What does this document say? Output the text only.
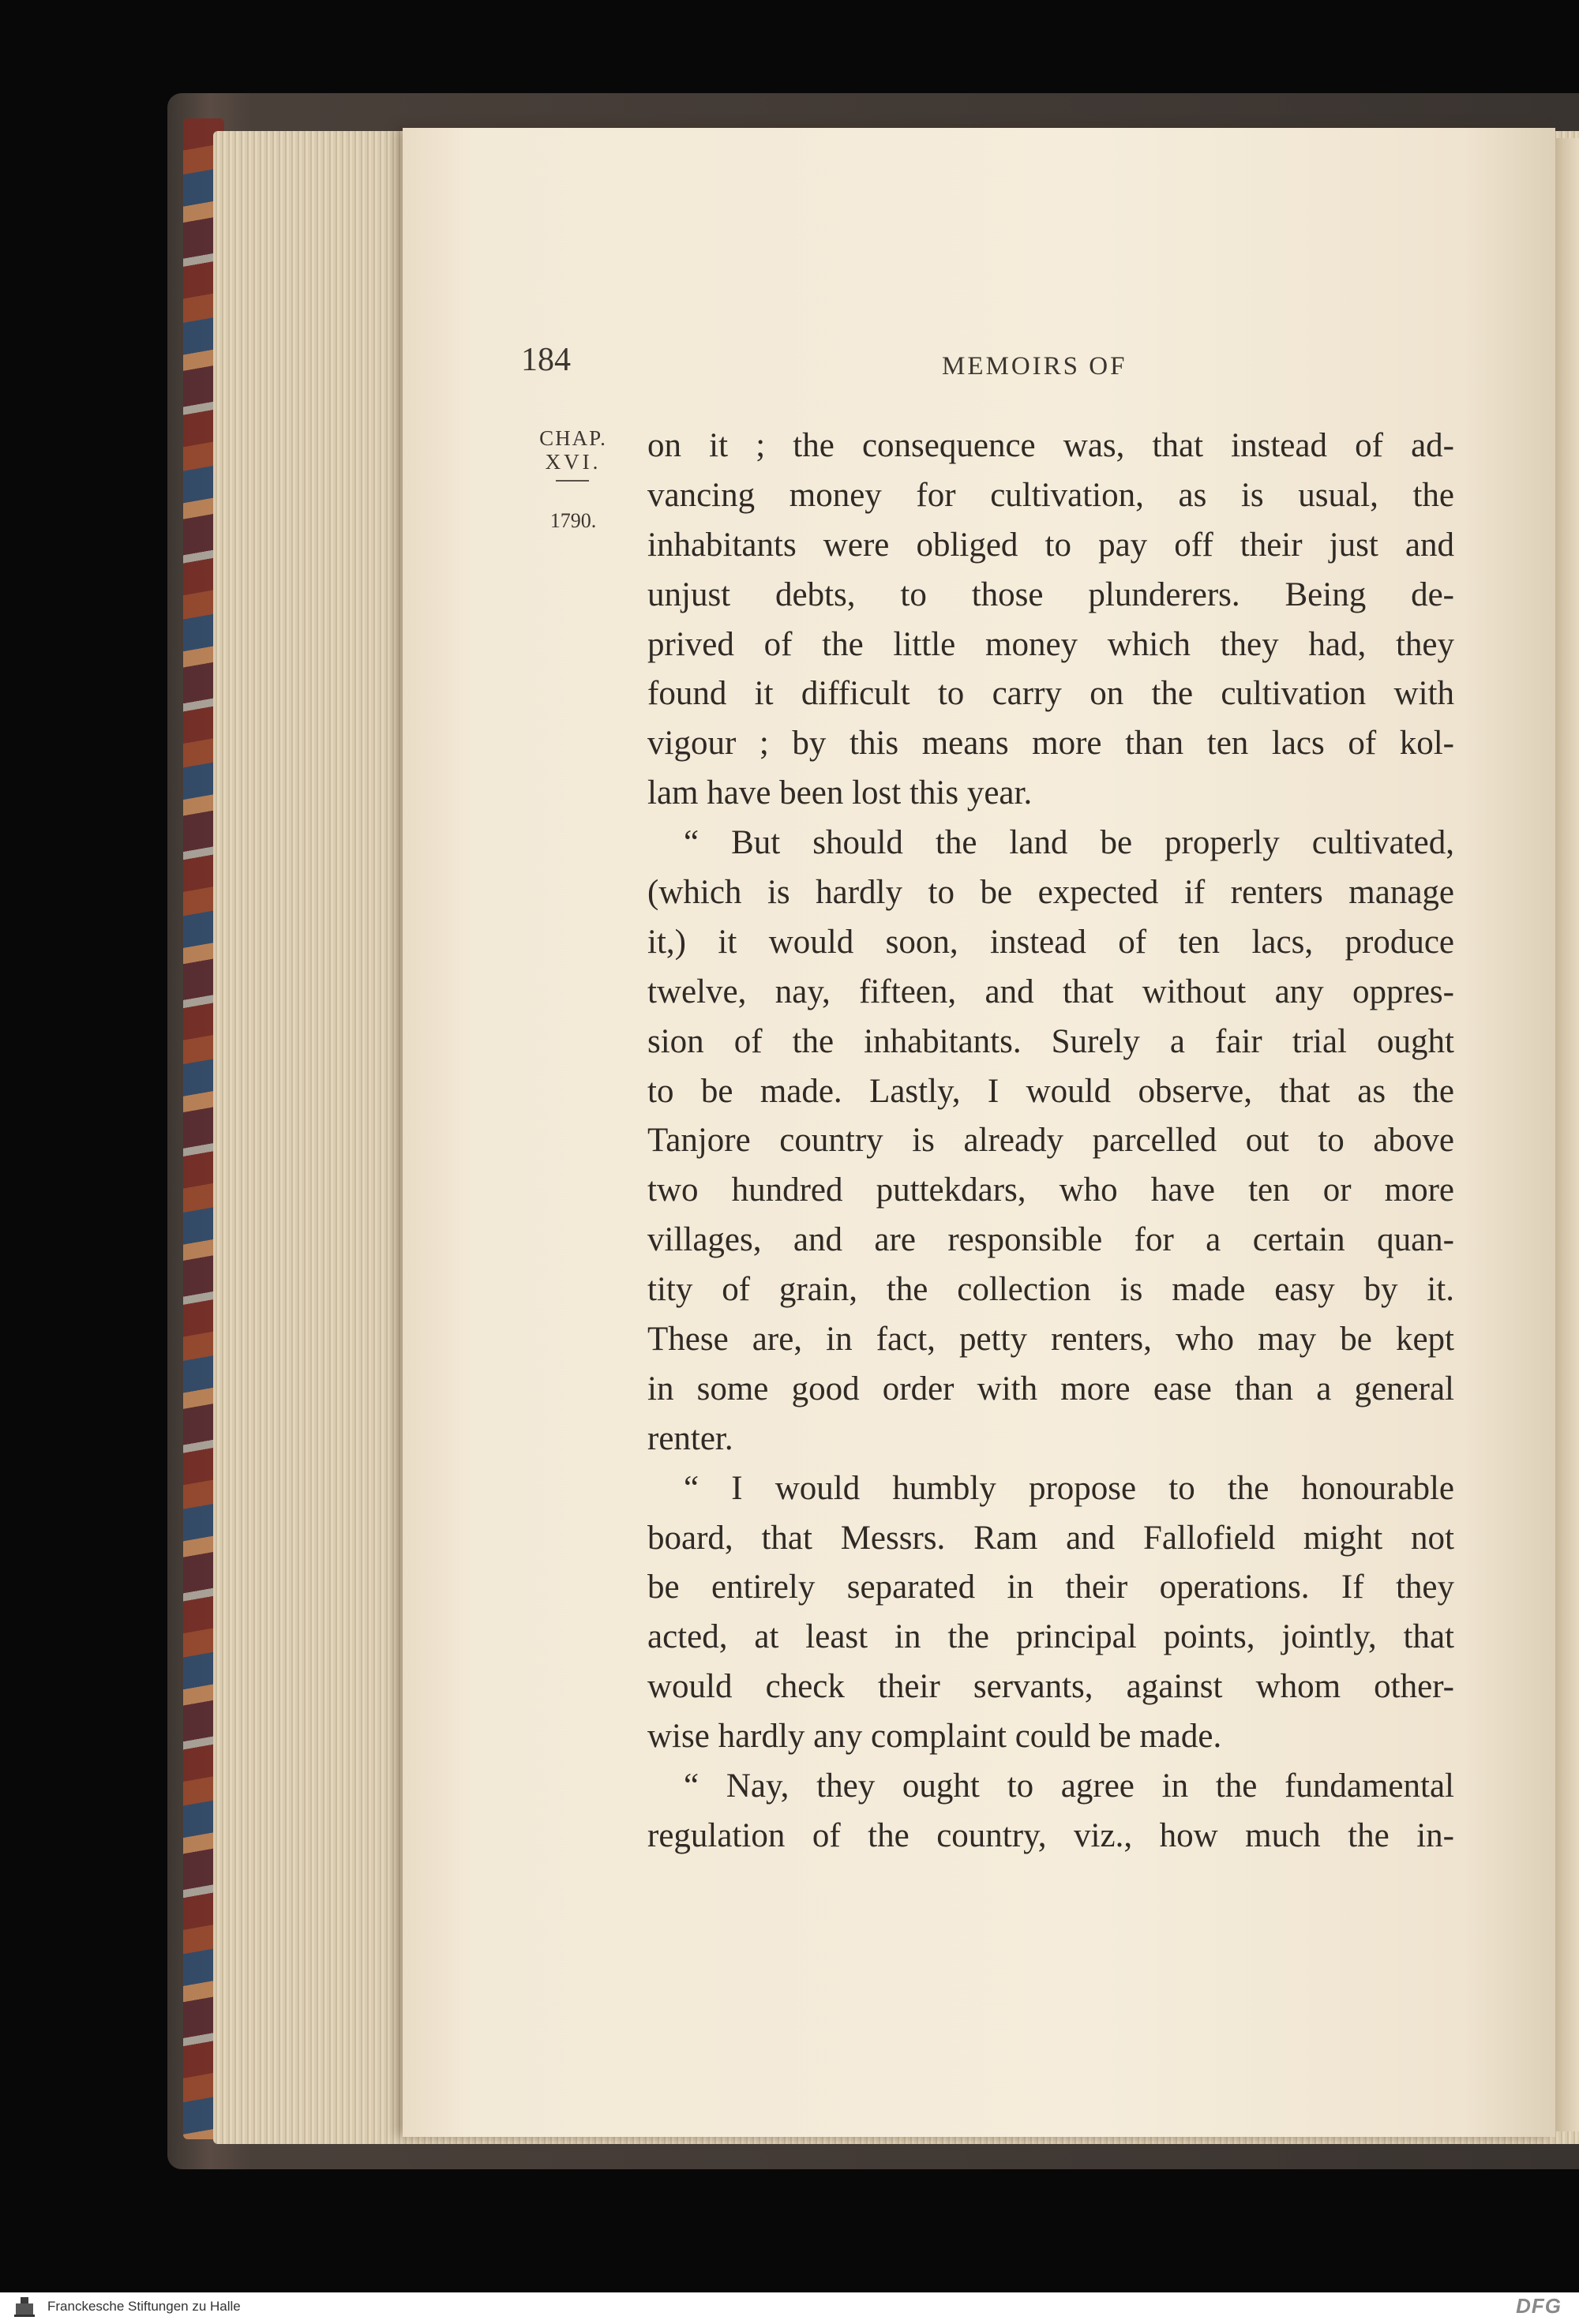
184	MEMOIRS OF
CHAP.
XVI.
1790.
on it ; the consequence was, that instead of ad-
vancing money for cultivation, as is usual, the
inhabitants were obliged to pay off their just and
unjust debts, to those plunderers. Being de-
prived of the little money which they had, they
found it difficult to carry on the cultivation with
vigour ; by this means more than ten lacs of kol-
lam have been lost this year.
“ But should the land be properly cultivated,
(which is hardly to be expected if renters manage
it,) it would soon, instead of ten lacs, produce
twelve, nay, fifteen, and that without any oppres-
sion of the inhabitants. Surely a fair trial ought
to be made. Lastly, I would observe, that as the
Tanjore country is already parcelled out to above
two hundred puttekdars, who have ten or more
villages, and are responsible for a certain quan-
tity of grain, the collection is made easy by it.
These are, in fact, petty renters, who may be kept
in some good order with more ease than a general
renter.
“ I would humbly propose to the honourable
board, that Messrs. Ram and Fallofield might not
be entirely separated in their operations. If they
acted, at least in the principal points, jointly, that
would check their servants, against whom other-
wise hardly any complaint could be made.
“ Nay, they ought to agree in the fundamental
regulation of the country, viz., how much the in-
Franckesche Stiftungen zu Halle	DFG
